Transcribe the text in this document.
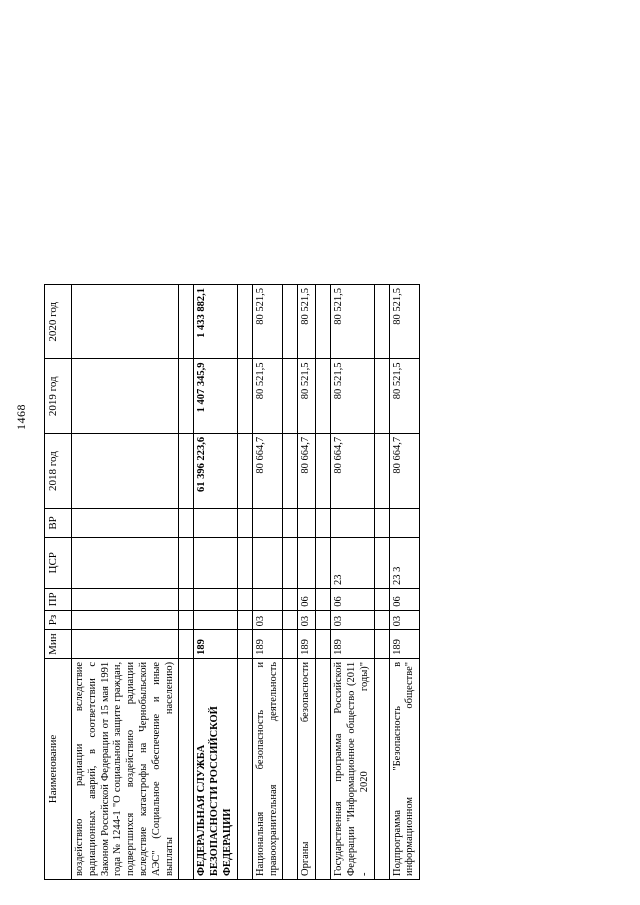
1468
Наименование	Мин	Рз	ПР	ЦСР	ВР	2018 год	2019 год	2020 год
воздействию радиации вследствие радиационных аварий, в соответствии с Законом Российской Федерации от 15 мая 1991 года № 1244-1 "О социальной защите граждан, подвергшихся воздействию радиации вследствие катастрофы на Чернобыльской АЭС" (Социальное обеспечение и иные выплаты населению)								

ФЕДЕРАЛЬНАЯ СЛУЖБА БЕЗОПАСНОСТИ РОССИЙСКОЙ ФЕДЕРАЦИИ	189					61 396 223,6	1 407 345,9	1 433 882,1

Национальная безопасность и правоохранительная деятельность	189	03				80 664,7	80 521,5	80 521,5

Органы безопасности	189	03	06			80 664,7	80 521,5	80 521,5

Государственная программа Российской Федерации "Информационное общество (2011 - 2020 годы)"	189	03	06	23		80 664,7	80 521,5	80 521,5

Подпрограмма "Безопасность в информационном обществе"	189	03	06	23 3		80 664,7	80 521,5	80 521,5
